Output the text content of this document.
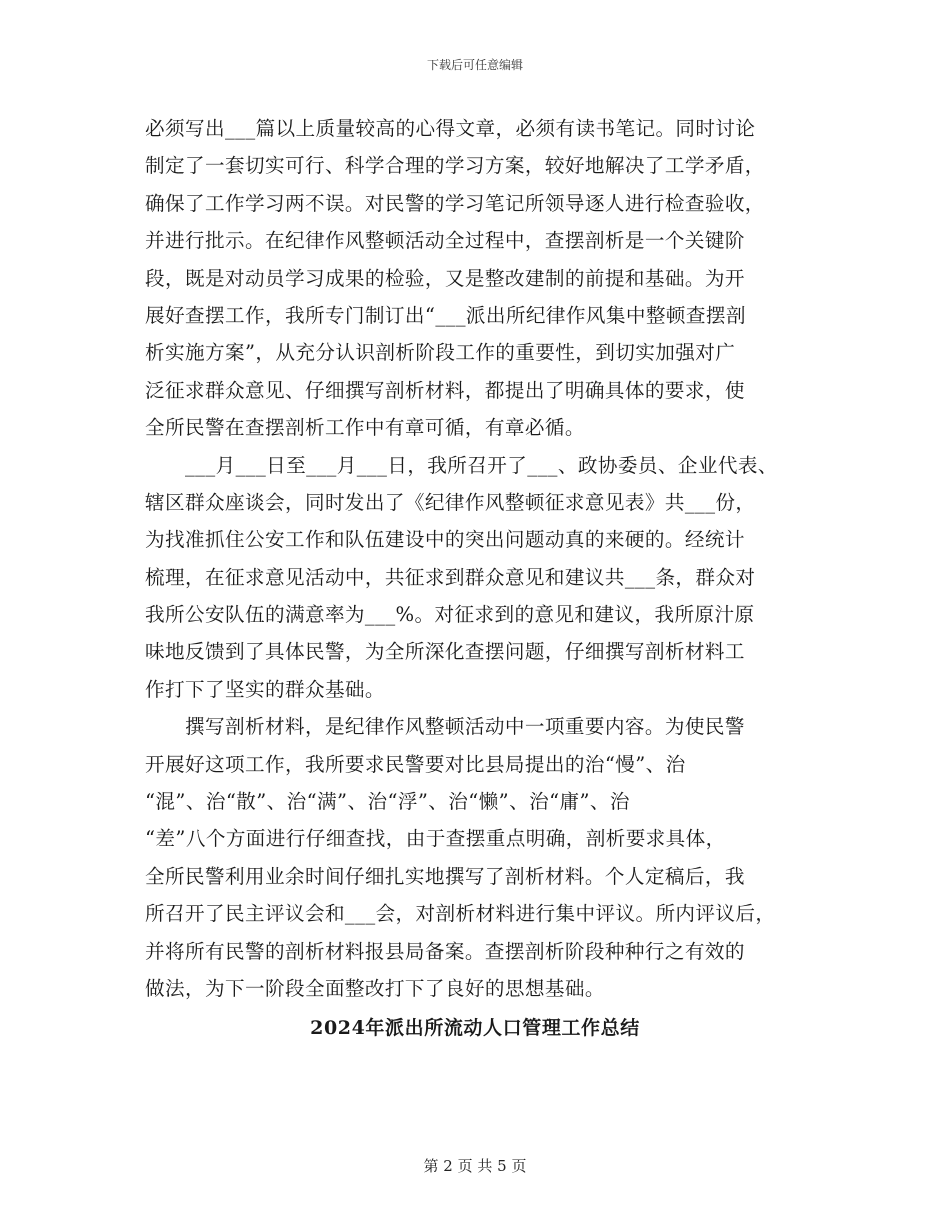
下载后可任意编辑
必须写出___篇以上质量较高的心得文章，必须有读书笔记。同时讨论
制定了一套切实可行、科学合理的学习方案，较好地解决了工学矛盾，
确保了工作学习两不误。对民警的学习笔记所领导逐人进行检查验收，
并进行批示。在纪律作风整顿活动全过程中，查摆剖析是一个关键阶
段，既是对动员学习成果的检验，又是整改建制的前提和基础。为开
展好查摆工作，我所专门制订出“___派出所纪律作风集中整顿查摆剖
析实施方案”，从充分认识剖析阶段工作的重要性，到切实加强对广
泛征求群众意见、仔细撰写剖析材料，都提出了明确具体的要求，使
全所民警在查摆剖析工作中有章可循，有章必循。
　　___月___日至___月___日，我所召开了___、政协委员、企业代表、
辖区群众座谈会，同时发出了《纪律作风整顿征求意见表》共___份，
为找准抓住公安工作和队伍建设中的突出问题动真的来硬的。经统计
梳理，在征求意见活动中，共征求到群众意见和建议共___条，群众对
我所公安队伍的满意率为___%。对征求到的意见和建议，我所原汁原
味地反馈到了具体民警，为全所深化查摆问题，仔细撰写剖析材料工
作打下了坚实的群众基础。
　　撰写剖析材料，是纪律作风整顿活动中一项重要内容。为使民警
开展好这项工作，我所要求民警要对比县局提出的治“慢”、治
“混”、治“散”、治“满”、治“浮”、治“懒”、治“庸”、治
“差”八个方面进行仔细查找，由于查摆重点明确，剖析要求具体，
全所民警利用业余时间仔细扎实地撰写了剖析材料。个人定稿后，我
所召开了民主评议会和___会，对剖析材料进行集中评议。所内评议后，
并将所有民警的剖析材料报县局备案。查摆剖析阶段种种行之有效的
做法，为下一阶段全面整改打下了良好的思想基础。
2024年派出所流动人口管理工作总结
第 2 页 共 5 页
